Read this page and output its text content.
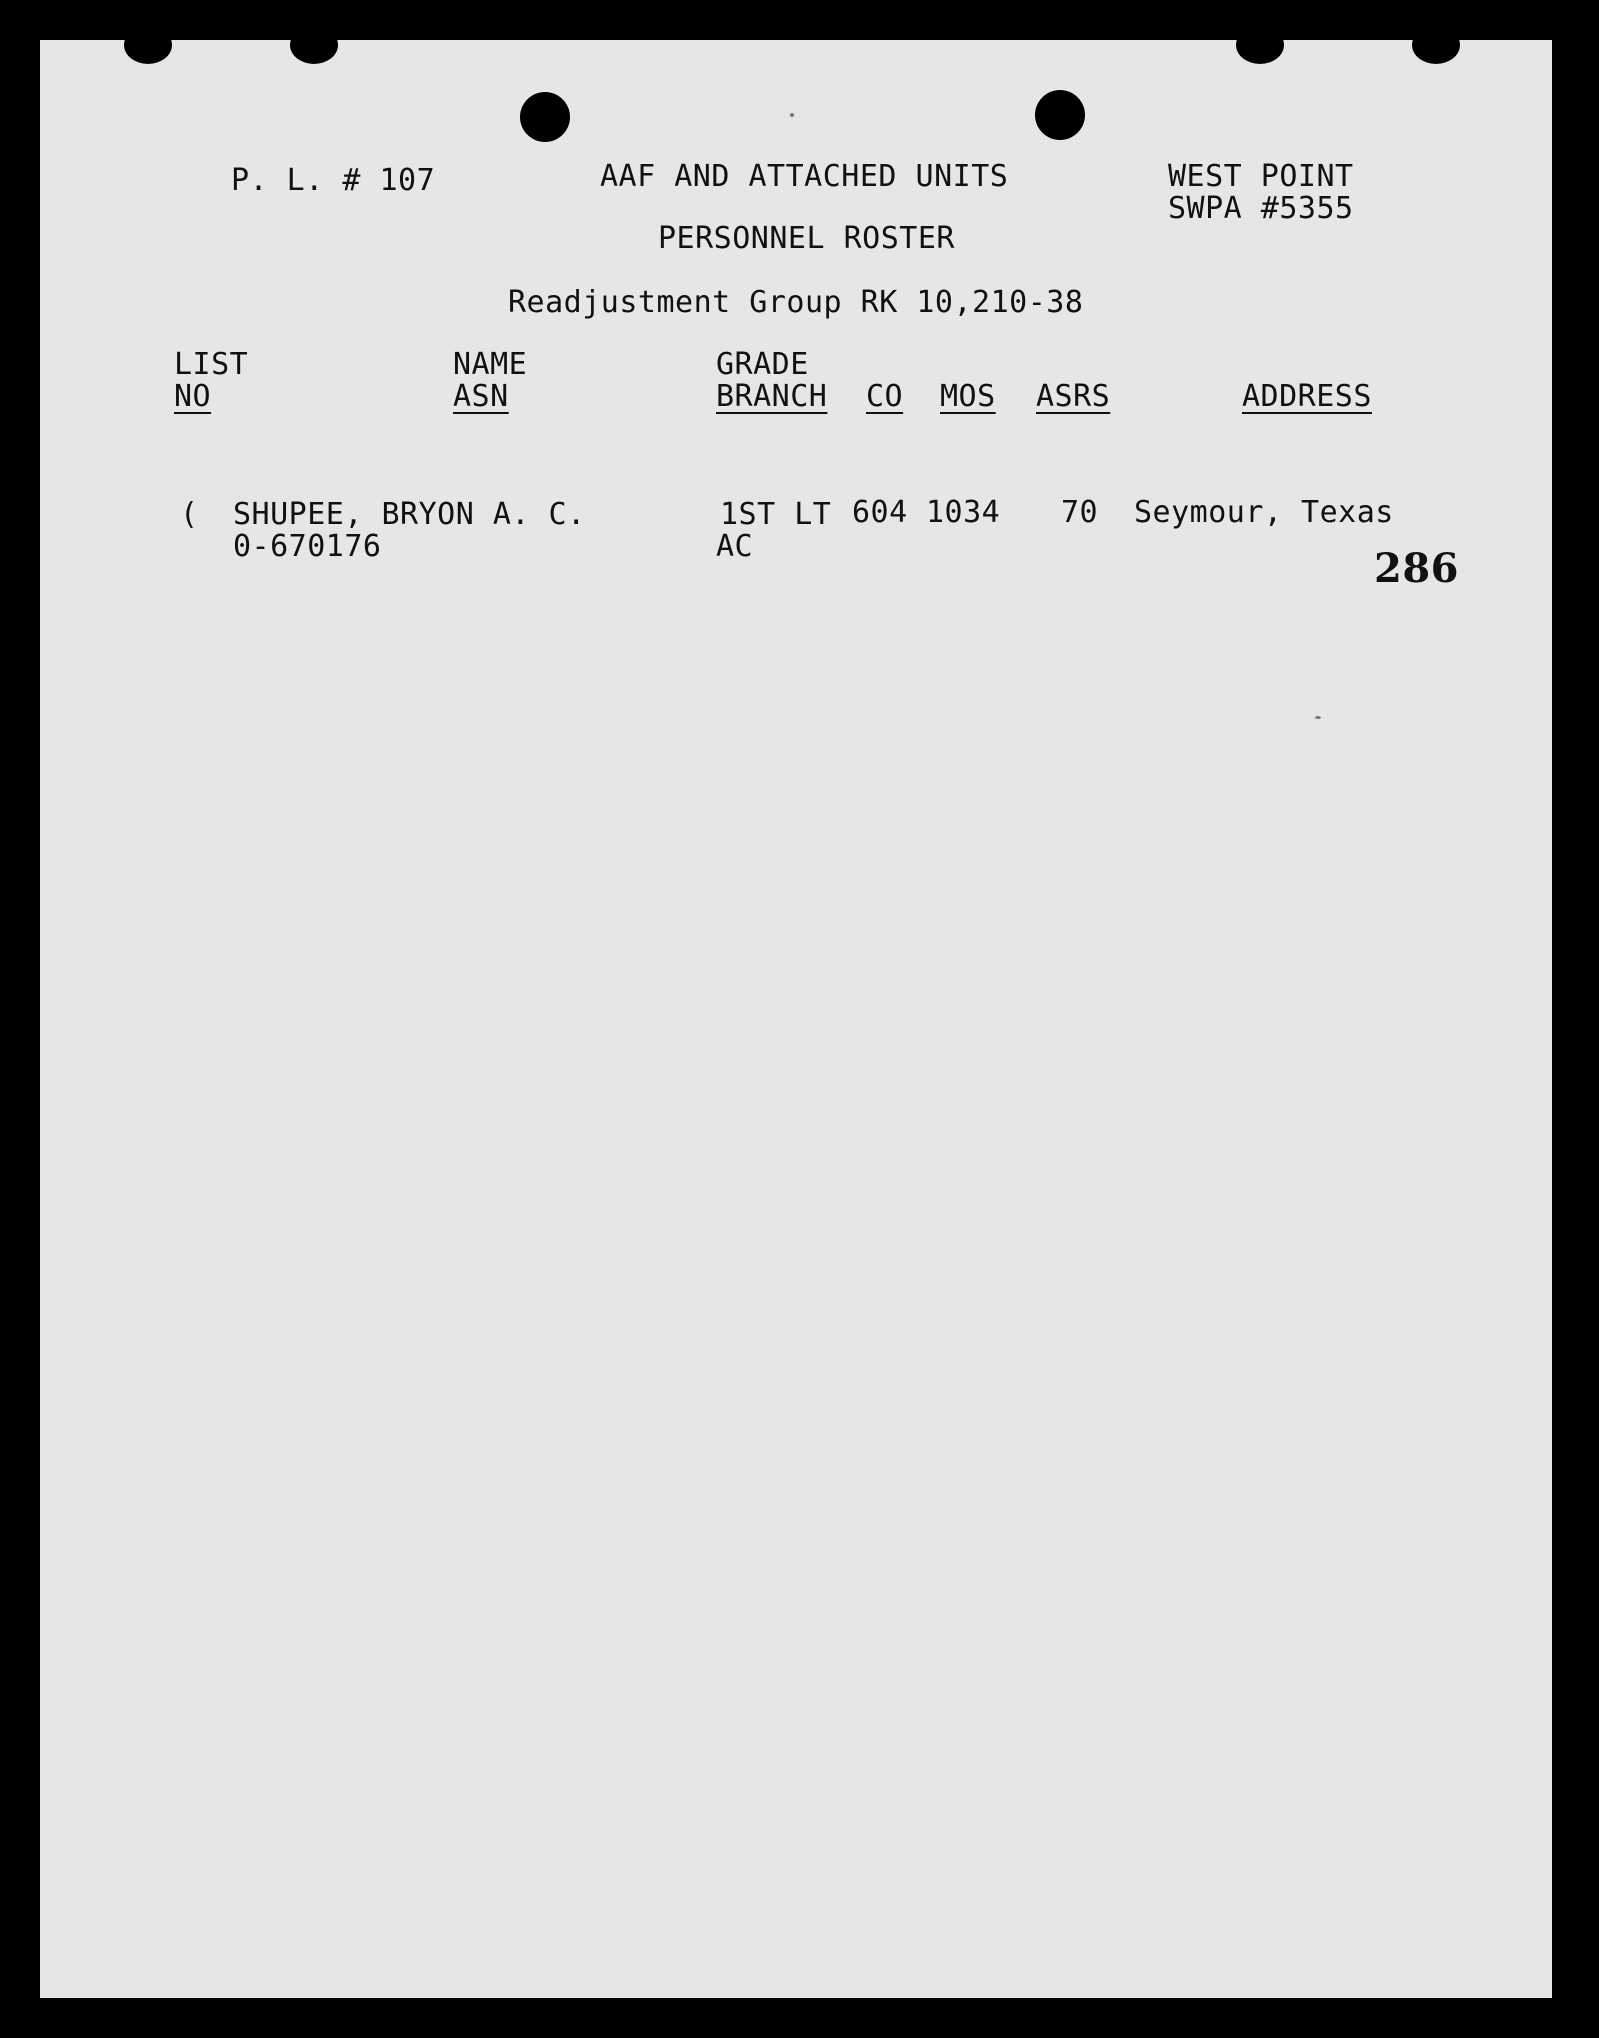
P. L. # 107	AAF AND ATTACHED UNITS
PERSONNEL ROSTER
Readjustment Group RK 10,210-38
WEST POINT
SWPA #5355
LIST
NO
NAME
ASN
GRADE
BRANCH CO MOS ASRS	ADDRESS
( SHUPEE, BRYON A. C.
0-670176
1ST LT
AC
604 1034 70 Seymour, Texas
286
